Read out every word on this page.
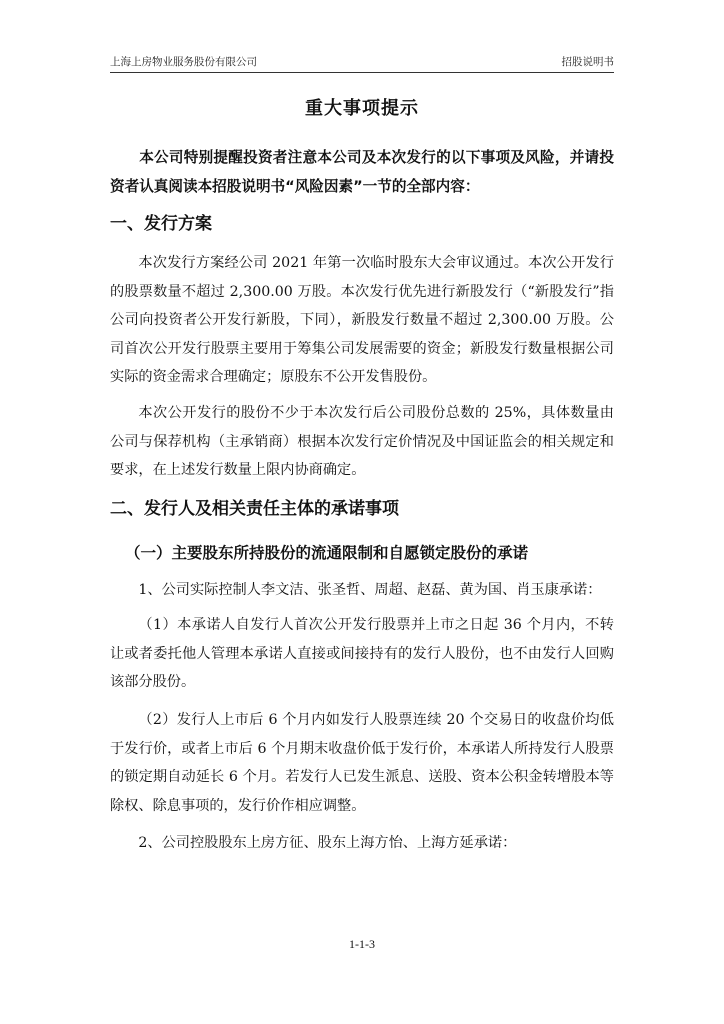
上海上房物业服务股份有限公司	招股说明书
重大事项提示

本公司特别提醒投资者注意本公司及本次发行的以下事项及风险，并请投资者认真阅读本招股说明书“风险因素”一节的全部内容：

一、发行方案

本次发行方案经公司 2021 年第一次临时股东大会审议通过。本次公开发行的股票数量不超过 2,300.00 万股。本次发行优先进行新股发行（“新股发行”指公司向投资者公开发行新股，下同），新股发行数量不超过 2,300.00 万股。公司首次公开发行股票主要用于筹集公司发展需要的资金；新股发行数量根据公司实际的资金需求合理确定；原股东不公开发售股份。

本次公开发行的股份不少于本次发行后公司股份总数的 25%，具体数量由公司与保荐机构（主承销商）根据本次发行定价情况及中国证监会的相关规定和要求，在上述发行数量上限内协商确定。

二、发行人及相关责任主体的承诺事项
（一）主要股东所持股份的流通限制和自愿锁定股份的承诺

1、公司实际控制人李文洁、张圣哲、周超、赵磊、黄为国、肖玉康承诺：

（1）本承诺人自发行人首次公开发行股票并上市之日起 36 个月内，不转让或者委托他人管理本承诺人直接或间接持有的发行人股份，也不由发行人回购该部分股份。

（2）发行人上市后 6 个月内如发行人股票连续 20 个交易日的收盘价均低于发行价，或者上市后 6 个月期末收盘价低于发行价，本承诺人所持发行人股票的锁定期自动延长 6 个月。若发行人已发生派息、送股、资本公积金转增股本等除权、除息事项的，发行价作相应调整。

2、公司控股股东上房方征、股东上海方怡、上海方延承诺：

1-1-3
